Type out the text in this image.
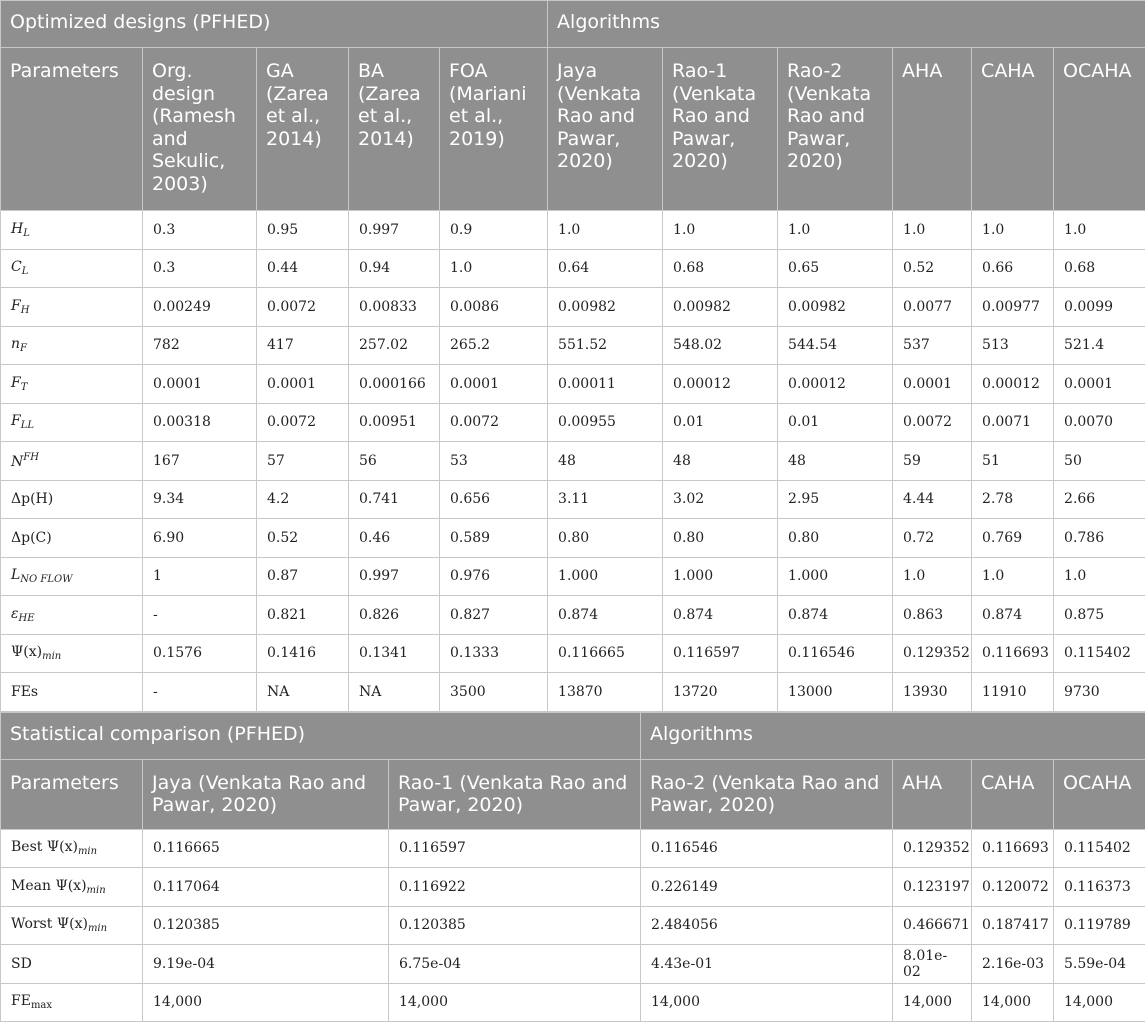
Optimized designs (PFHED)					Algorithms					
Parameters	Org. design (Ramesh and Sekulic, 2003)	GA (Zarea et al., 2014)	BA (Zarea et al., 2014)	FOA (Mariani et al., 2019)	Jaya (Venkata Rao and Pawar, 2020)	Rao-1 (Venkata Rao and Pawar, 2020)	Rao-2 (Venkata Rao and Pawar, 2020)	AHA	CAHA	OCAHA
$H_L$	0.3	0.95	0.997	0.9	1.0	1.0	1.0	1.0	1.0	1.0
$C_L$	0.3	0.44	0.94	1.0	0.64	0.68	0.65	0.52	0.66	0.68
$F_H$	0.00249	0.0072	0.00833	0.0086	0.00982	0.00982	0.00982	0.0077	0.00977	0.0099
$n_F$	782	417	257.02	265.2	551.52	548.02	544.54	537	513	521.4
$F_T$	0.0001	0.0001	0.000166	0.0001	0.00011	0.00012	0.00012	0.0001	0.00012	0.0001
$F_{LL}$	0.00318	0.0072	0.00951	0.0072	0.00955	0.01	0.01	0.0072	0.0071	0.0070
$N^{FH}$	167	57	56	53	48	48	48	59	51	50
Δp(H)	9.34	4.2	0.741	0.656	3.11	3.02	2.95	4.44	2.78	2.66
Δp(C)	6.90	0.52	0.46	0.589	0.80	0.80	0.80	0.72	0.769	0.786
$L_{NO FLOW}$	1	0.87	0.997	0.976	1.000	1.000	1.000	1.0	1.0	1.0
$\varepsilon_{HE}$	-	0.821	0.826	0.827	0.874	0.874	0.874	0.863	0.874	0.875
$\Psi(x)_{min}$	0.1576	0.1416	0.1341	0.1333	0.116665	0.116597	0.116546	0.129352	0.116693	0.115402
FEs	-	NA	NA	3500	13870	13720	13000	13930	11910	9730
Statistical comparison (PFHED)			Algorithms			
Parameters	Jaya (Venkata Rao and Pawar, 2020)	Rao-1 (Venkata Rao and Pawar, 2020)	Rao-2 (Venkata Rao and Pawar, 2020)	AHA	CAHA	OCAHA
Best $\Psi(x)_{min}$	0.116665	0.116597	0.116546	0.129352	0.116693	0.115402
Mean $\Psi(x)_{min}$	0.117064	0.116922	0.226149	0.123197	0.120072	0.116373
Worst $\Psi(x)_{min}$	0.120385	0.120385	2.484056	0.466671	0.187417	0.119789
SD	9.19e-04	6.75e-04	4.43e-01	8.01e-02	2.16e-03	5.59e-04
$FE_{max}$	14,000	14,000	14,000	14,000	14,000	14,000
